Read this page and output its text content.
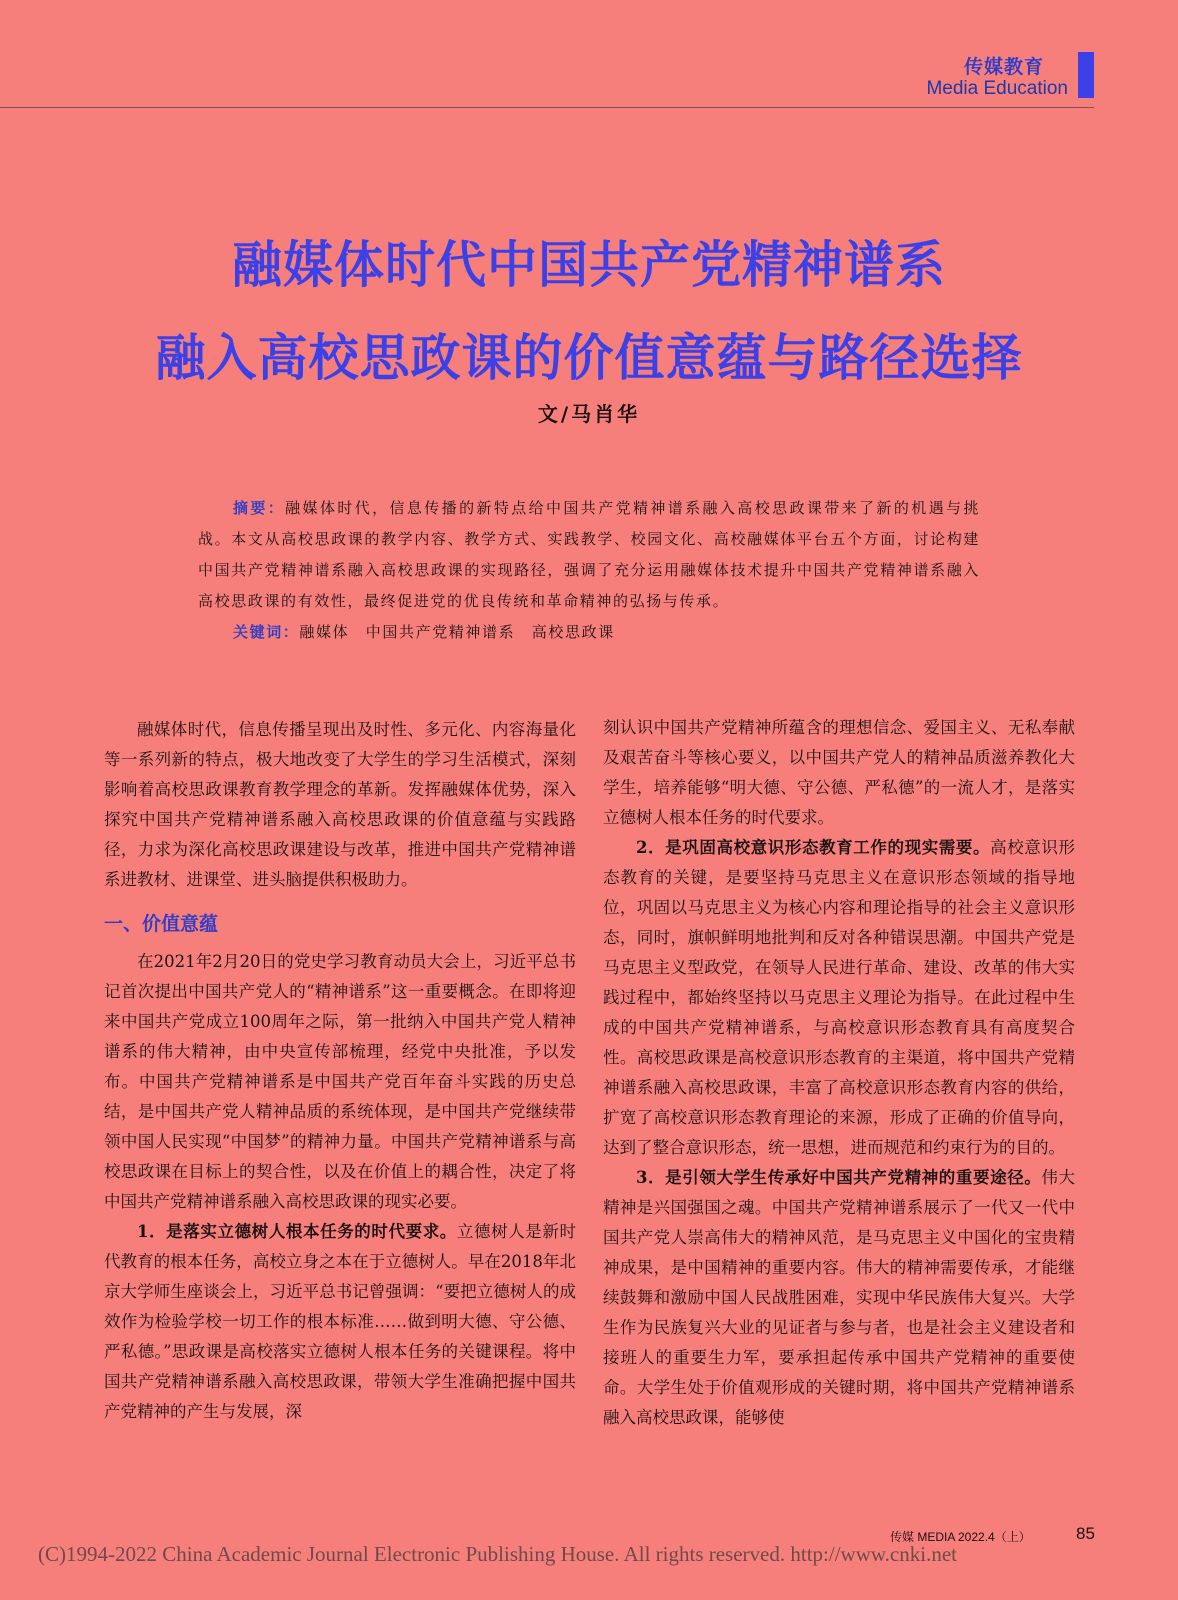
传媒教育
Media Education
融媒体时代中国共产党精神谱系
融入高校思政课的价值意蕴与路径选择
文/马肖华

摘要：融媒体时代，信息传播的新特点给中国共产党精神谱系融入高校思政课带来了新的机遇与挑战。本文从高校思政课的教学内容、教学方式、实践教学、校园文化、高校融媒体平台五个方面，讨论构建中国共产党精神谱系融入高校思政课的实现路径，强调了充分运用融媒体技术提升中国共产党精神谱系融入高校思政课的有效性，最终促进党的优良传统和革命精神的弘扬与传承。

关键词：融媒体　中国共产党精神谱系　高校思政课

融媒体时代，信息传播呈现出及时性、多元化、内容海量化等一系列新的特点，极大地改变了大学生的学习生活模式，深刻影响着高校思政课教育教学理念的革新。发挥融媒体优势，深入探究中国共产党精神谱系融入高校思政课的价值意蕴与实践路径，力求为深化高校思政课建设与改革，推进中国共产党精神谱系进教材、进课堂、进头脑提供积极助力。

一、价值意蕴

在2021年2月20日的党史学习教育动员大会上，习近平总书记首次提出中国共产党人的“精神谱系”这一重要概念。在即将迎来中国共产党成立100周年之际，第一批纳入中国共产党人精神谱系的伟大精神，由中央宣传部梳理，经党中央批准，予以发布。中国共产党精神谱系是中国共产党百年奋斗实践的历史总结，是中国共产党人精神品质的系统体现，是中国共产党继续带领中国人民实现“中国梦”的精神力量。中国共产党精神谱系与高校思政课在目标上的契合性，以及在价值上的耦合性，决定了将中国共产党精神谱系融入高校思政课的现实必要。

1．是落实立德树人根本任务的时代要求。立德树人是新时代教育的根本任务，高校立身之本在于立德树人。早在2018年北京大学师生座谈会上，习近平总书记曾强调：“要把立德树人的成效作为检验学校一切工作的根本标准……做到明大德、守公德、严私德。”思政课是高校落实立德树人根本任务的关键课程。将中国共产党精神谱系融入高校思政课，带领大学生准确把握中国共产党精神的产生与发展，深

刻认识中国共产党精神所蕴含的理想信念、爱国主义、无私奉献及艰苦奋斗等核心要义，以中国共产党人的精神品质滋养教化大学生，培养能够“明大德、守公德、严私德”的一流人才，是落实立德树人根本任务的时代要求。

2．是巩固高校意识形态教育工作的现实需要。高校意识形态教育的关键，是要坚持马克思主义在意识形态领域的指导地位，巩固以马克思主义为核心内容和理论指导的社会主义意识形态，同时，旗帜鲜明地批判和反对各种错误思潮。中国共产党是马克思主义型政党，在领导人民进行革命、建设、改革的伟大实践过程中，都始终坚持以马克思主义理论为指导。在此过程中生成的中国共产党精神谱系，与高校意识形态教育具有高度契合性。高校思政课是高校意识形态教育的主渠道，将中国共产党精神谱系融入高校思政课，丰富了高校意识形态教育内容的供给，扩宽了高校意识形态教育理论的来源，形成了正确的价值导向，达到了整合意识形态，统一思想，进而规范和约束行为的目的。

3．是引领大学生传承好中国共产党精神的重要途径。伟大精神是兴国强国之魂。中国共产党精神谱系展示了一代又一代中国共产党人崇高伟大的精神风范，是马克思主义中国化的宝贵精神成果，是中国精神的重要内容。伟大的精神需要传承，才能继续鼓舞和激励中国人民战胜困难，实现中华民族伟大复兴。大学生作为民族复兴大业的见证者与参与者，也是社会主义建设者和接班人的重要生力军，要承担起传承中国共产党精神的重要使命。大学生处于价值观形成的关键时期，将中国共产党精神谱系融入高校思政课，能够使

传媒 MEDIA 2022.4（上）	85
(C)1994-2022 China Academic Journal Electronic Publishing House. All rights reserved. http://www.cnki.net
